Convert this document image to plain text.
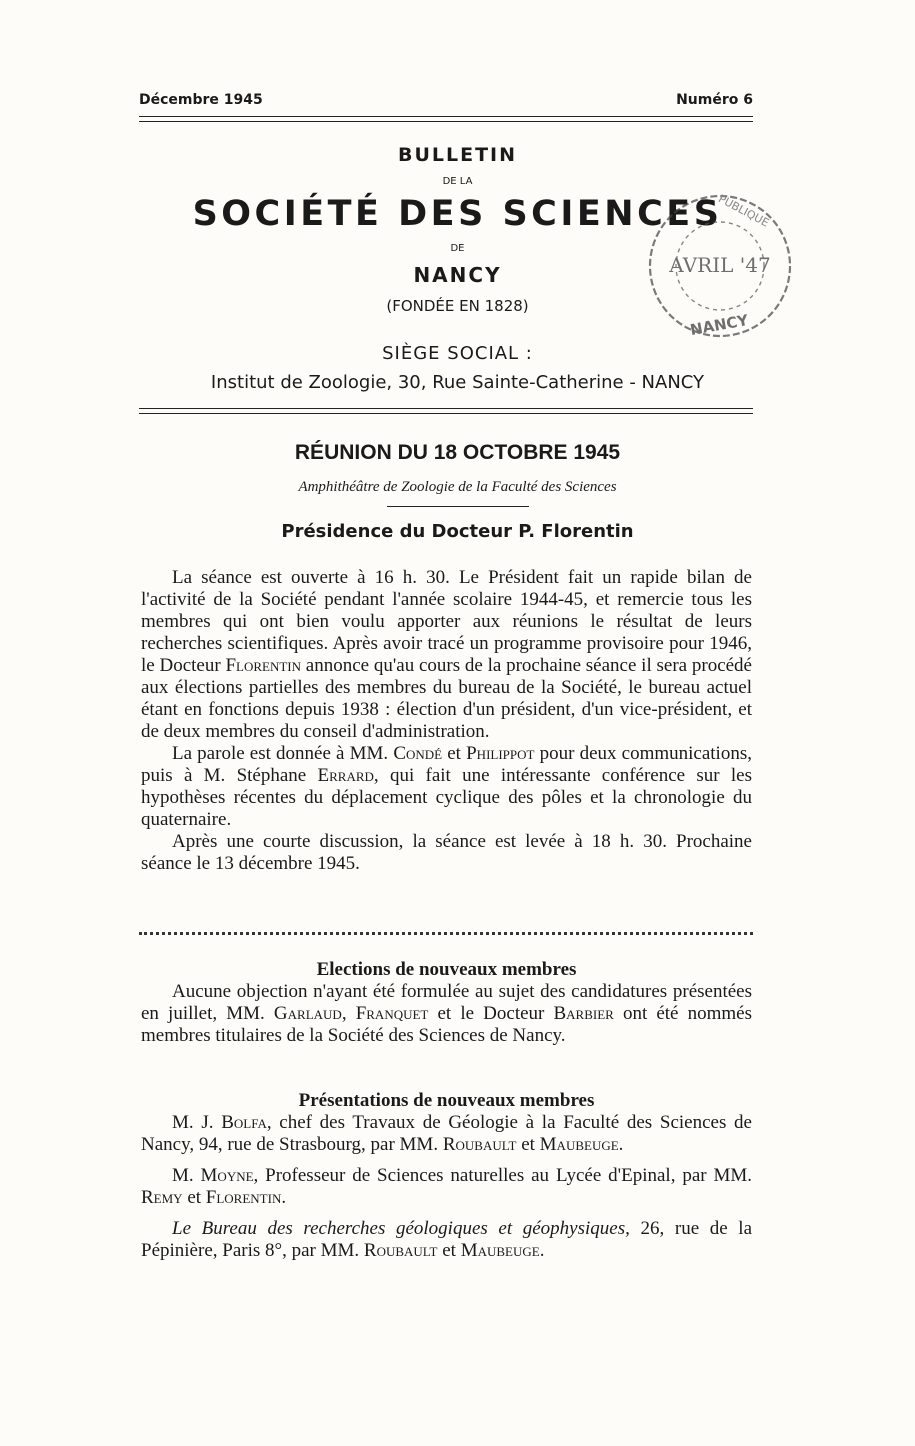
Décembre 1945	Numéro 6
BULLETIN
DE LA
SOCIÉTÉ DES SCIENCES
DE
NANCY
(FONDÉE EN 1828)
SIÈGE SOCIAL :
Institut de Zoologie, 30, Rue Sainte-Catherine - NANCY
AVRIL '47
NANCY
PUBLIQUE
RÉUNION DU 18 OCTOBRE 1945
Amphithéâtre de Zoologie de la Faculté des Sciences
Présidence du Docteur P. Florentin

La séance est ouverte à 16 h. 30. Le Président fait un rapide bilan de l'activité de la Société pendant l'année scolaire 1944-45, et remercie tous les membres qui ont bien voulu apporter aux réunions le résultat de leurs recherches scientifiques. Après avoir tracé un programme provisoire pour 1946, le Docteur Florentin annonce qu'au cours de la prochaine séance il sera procédé aux élections partielles des membres du bureau de la Société, le bureau actuel étant en fonctions depuis 1938 : élection d'un président, d'un vice-président, et de deux membres du conseil d'administration.

La parole est donnée à MM. Condé et Philippot pour deux communications, puis à M. Stéphane Errard, qui fait une intéressante conférence sur les hypothèses récentes du déplacement cyclique des pôles et la chronologie du quaternaire.

Après une courte discussion, la séance est levée à 18 h. 30. Prochaine séance le 13 décembre 1945.

Elections de nouveaux membres

Aucune objection n'ayant été formulée au sujet des candidatures présentées en juillet, MM. Garlaud, Franquet et le Docteur Barbier ont été nommés membres titulaires de la Société des Sciences de Nancy.

Présentations de nouveaux membres

M. J. Bolfa, chef des Travaux de Géologie à la Faculté des Sciences de Nancy, 94, rue de Strasbourg, par MM. Roubault et Maubeuge.

M. Moyne, Professeur de Sciences naturelles au Lycée d'Epinal, par MM. Remy et Florentin.

Le Bureau des recherches géologiques et géophysiques, 26, rue de la Pépinière, Paris 8°, par MM. Roubault et Maubeuge.
